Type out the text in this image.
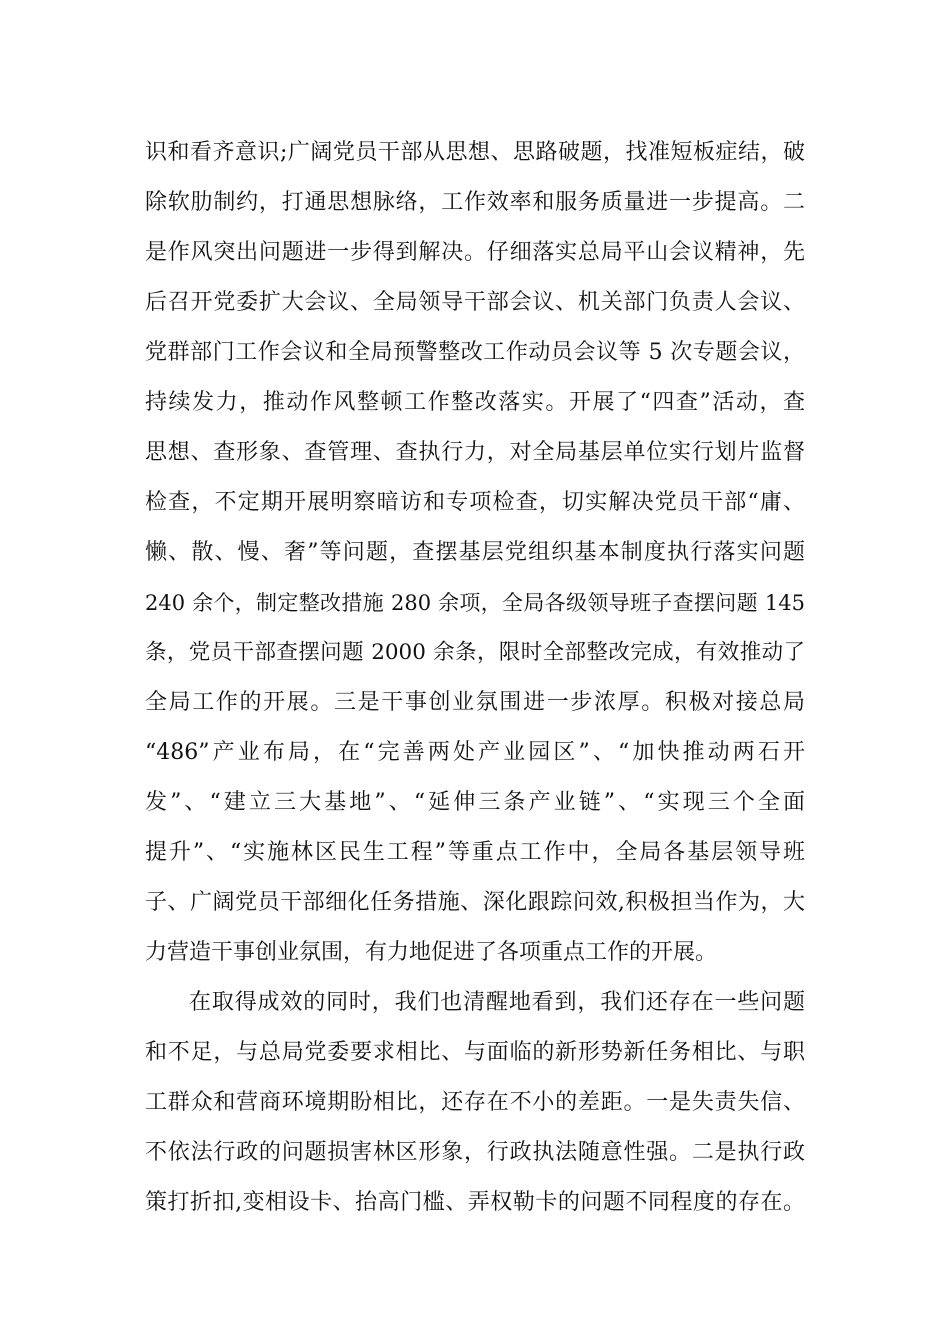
识和看齐意识;广阔党员干部从思想、思路破题，找准短板症结，破
除软肋制约，打通思想脉络，工作效率和服务质量进一步提高。二
是作风突出问题进一步得到解决。仔细落实总局平山会议精神，先
后召开党委扩大会议、全局领导干部会议、机关部门负责人会议、
党群部门工作会议和全局预警整改工作动员会议等 5 次专题会议，
持续发力，推动作风整顿工作整改落实。开展了“四查”活动，查
思想、查形象、查管理、查执行力，对全局基层单位实行划片监督
检查，不定期开展明察暗访和专项检查，切实解决党员干部“庸、
懒、散、慢、奢”等问题，查摆基层党组织基本制度执行落实问题
240 余个，制定整改措施 280 余项，全局各级领导班子查摆问题 145
条，党员干部查摆问题 2000 余条，限时全部整改完成，有效推动了
全局工作的开展。三是干事创业氛围进一步浓厚。积极对接总局
“486”产业布局，在“完善两处产业园区”、“加快推动两石开
发”、“建立三大基地”、“延伸三条产业链”、“实现三个全面
提升”、“实施林区民生工程”等重点工作中，全局各基层领导班
子、广阔党员干部细化任务措施、深化跟踪问效,积极担当作为，大
力营造干事创业氛围，有力地促进了各项重点工作的开展。
在取得成效的同时，我们也清醒地看到，我们还存在一些问题
和不足，与总局党委要求相比、与面临的新形势新任务相比、与职
工群众和营商环境期盼相比，还存在不小的差距。一是失责失信、
不依法行政的问题损害林区形象，行政执法随意性强。二是执行政
策打折扣,变相设卡、抬高门槛、弄权勒卡的问题不同程度的存在。
